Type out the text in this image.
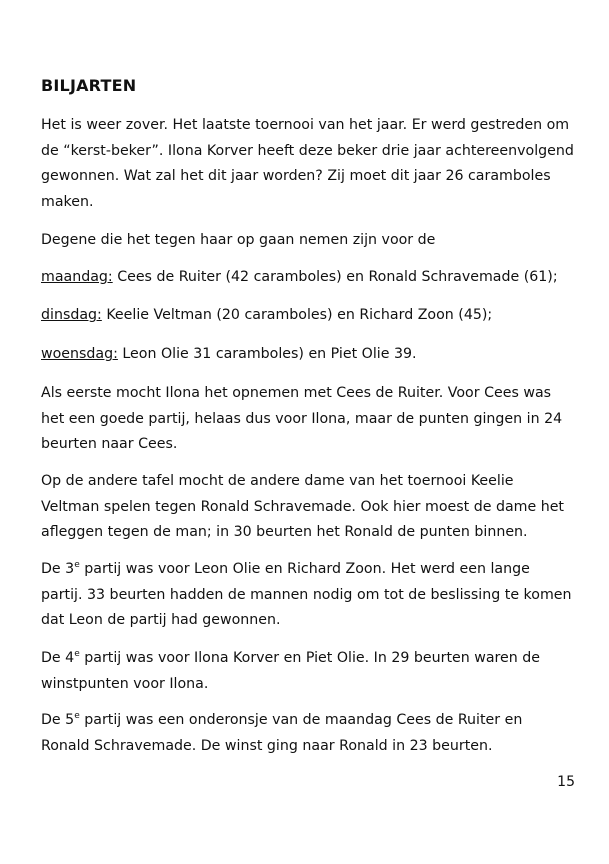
BILJARTEN

Het is weer zover. Het laatste toernooi van het jaar. Er werd gestreden om de “kerst-beker”. Ilona Korver heeft deze beker drie jaar achtereenvolgend gewonnen. Wat zal het dit jaar worden? Zij moet dit jaar 26 caramboles maken.

Degene die het tegen haar op gaan nemen zijn voor de

maandag: Cees de Ruiter (42 caramboles) en Ronald Schravemade (61);

dinsdag: Keelie Veltman (20 caramboles) en Richard Zoon (45);

woensdag: Leon Olie 31 caramboles) en Piet Olie 39.

Als eerste mocht Ilona het opnemen met Cees de Ruiter. Voor Cees was het een goede partij, helaas dus voor Ilona, maar de punten gingen in 24 beurten naar Cees.

Op de andere tafel mocht de andere dame van het toernooi Keelie Veltman spelen tegen Ronald Schravemade. Ook hier moest de dame het afleggen tegen de man; in 30 beurten het Ronald de punten binnen.

De 3e partij was voor Leon Olie en Richard Zoon. Het werd een lange partij. 33 beurten hadden de mannen nodig om tot de beslissing te komen dat Leon de partij had gewonnen.

De 4e partij was voor Ilona Korver en Piet Olie. In 29 beurten waren de winstpunten voor Ilona.

De 5e partij was een onderonsje van de maandag Cees de Ruiter en Ronald Schravemade. De winst ging naar Ronald in 23 beurten.

15
